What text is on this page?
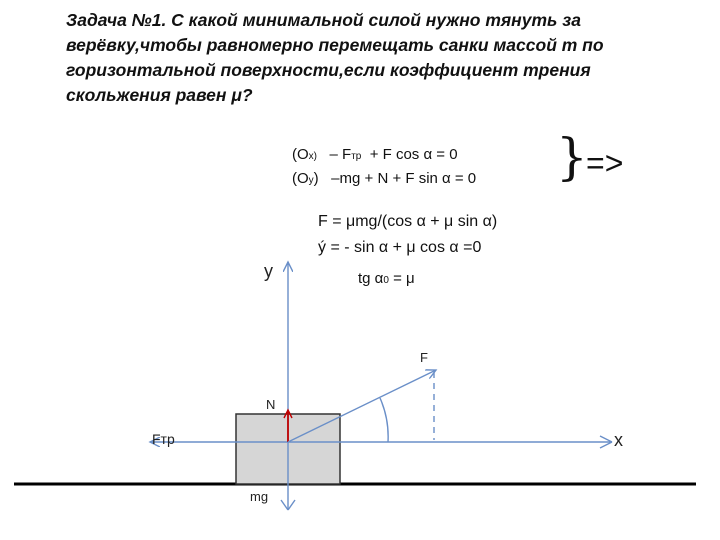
Задача №1. С какой минимальной силой нужно тянуть за
верёвку,чтобы равномерно перемещать санки массой m по
горизонтальной поверхности,если коэффициент трения
скольжения равен μ?
(Ox)   – Fтр  + F cos α = 0
(Oy)   –mg + N + F sin α = 0 }
=>
F = μmg/(cos α + μ sin α)
ý = - sin α + μ cos α =0
tg α0 = μ
y
x
F
N
Fтр
mg
